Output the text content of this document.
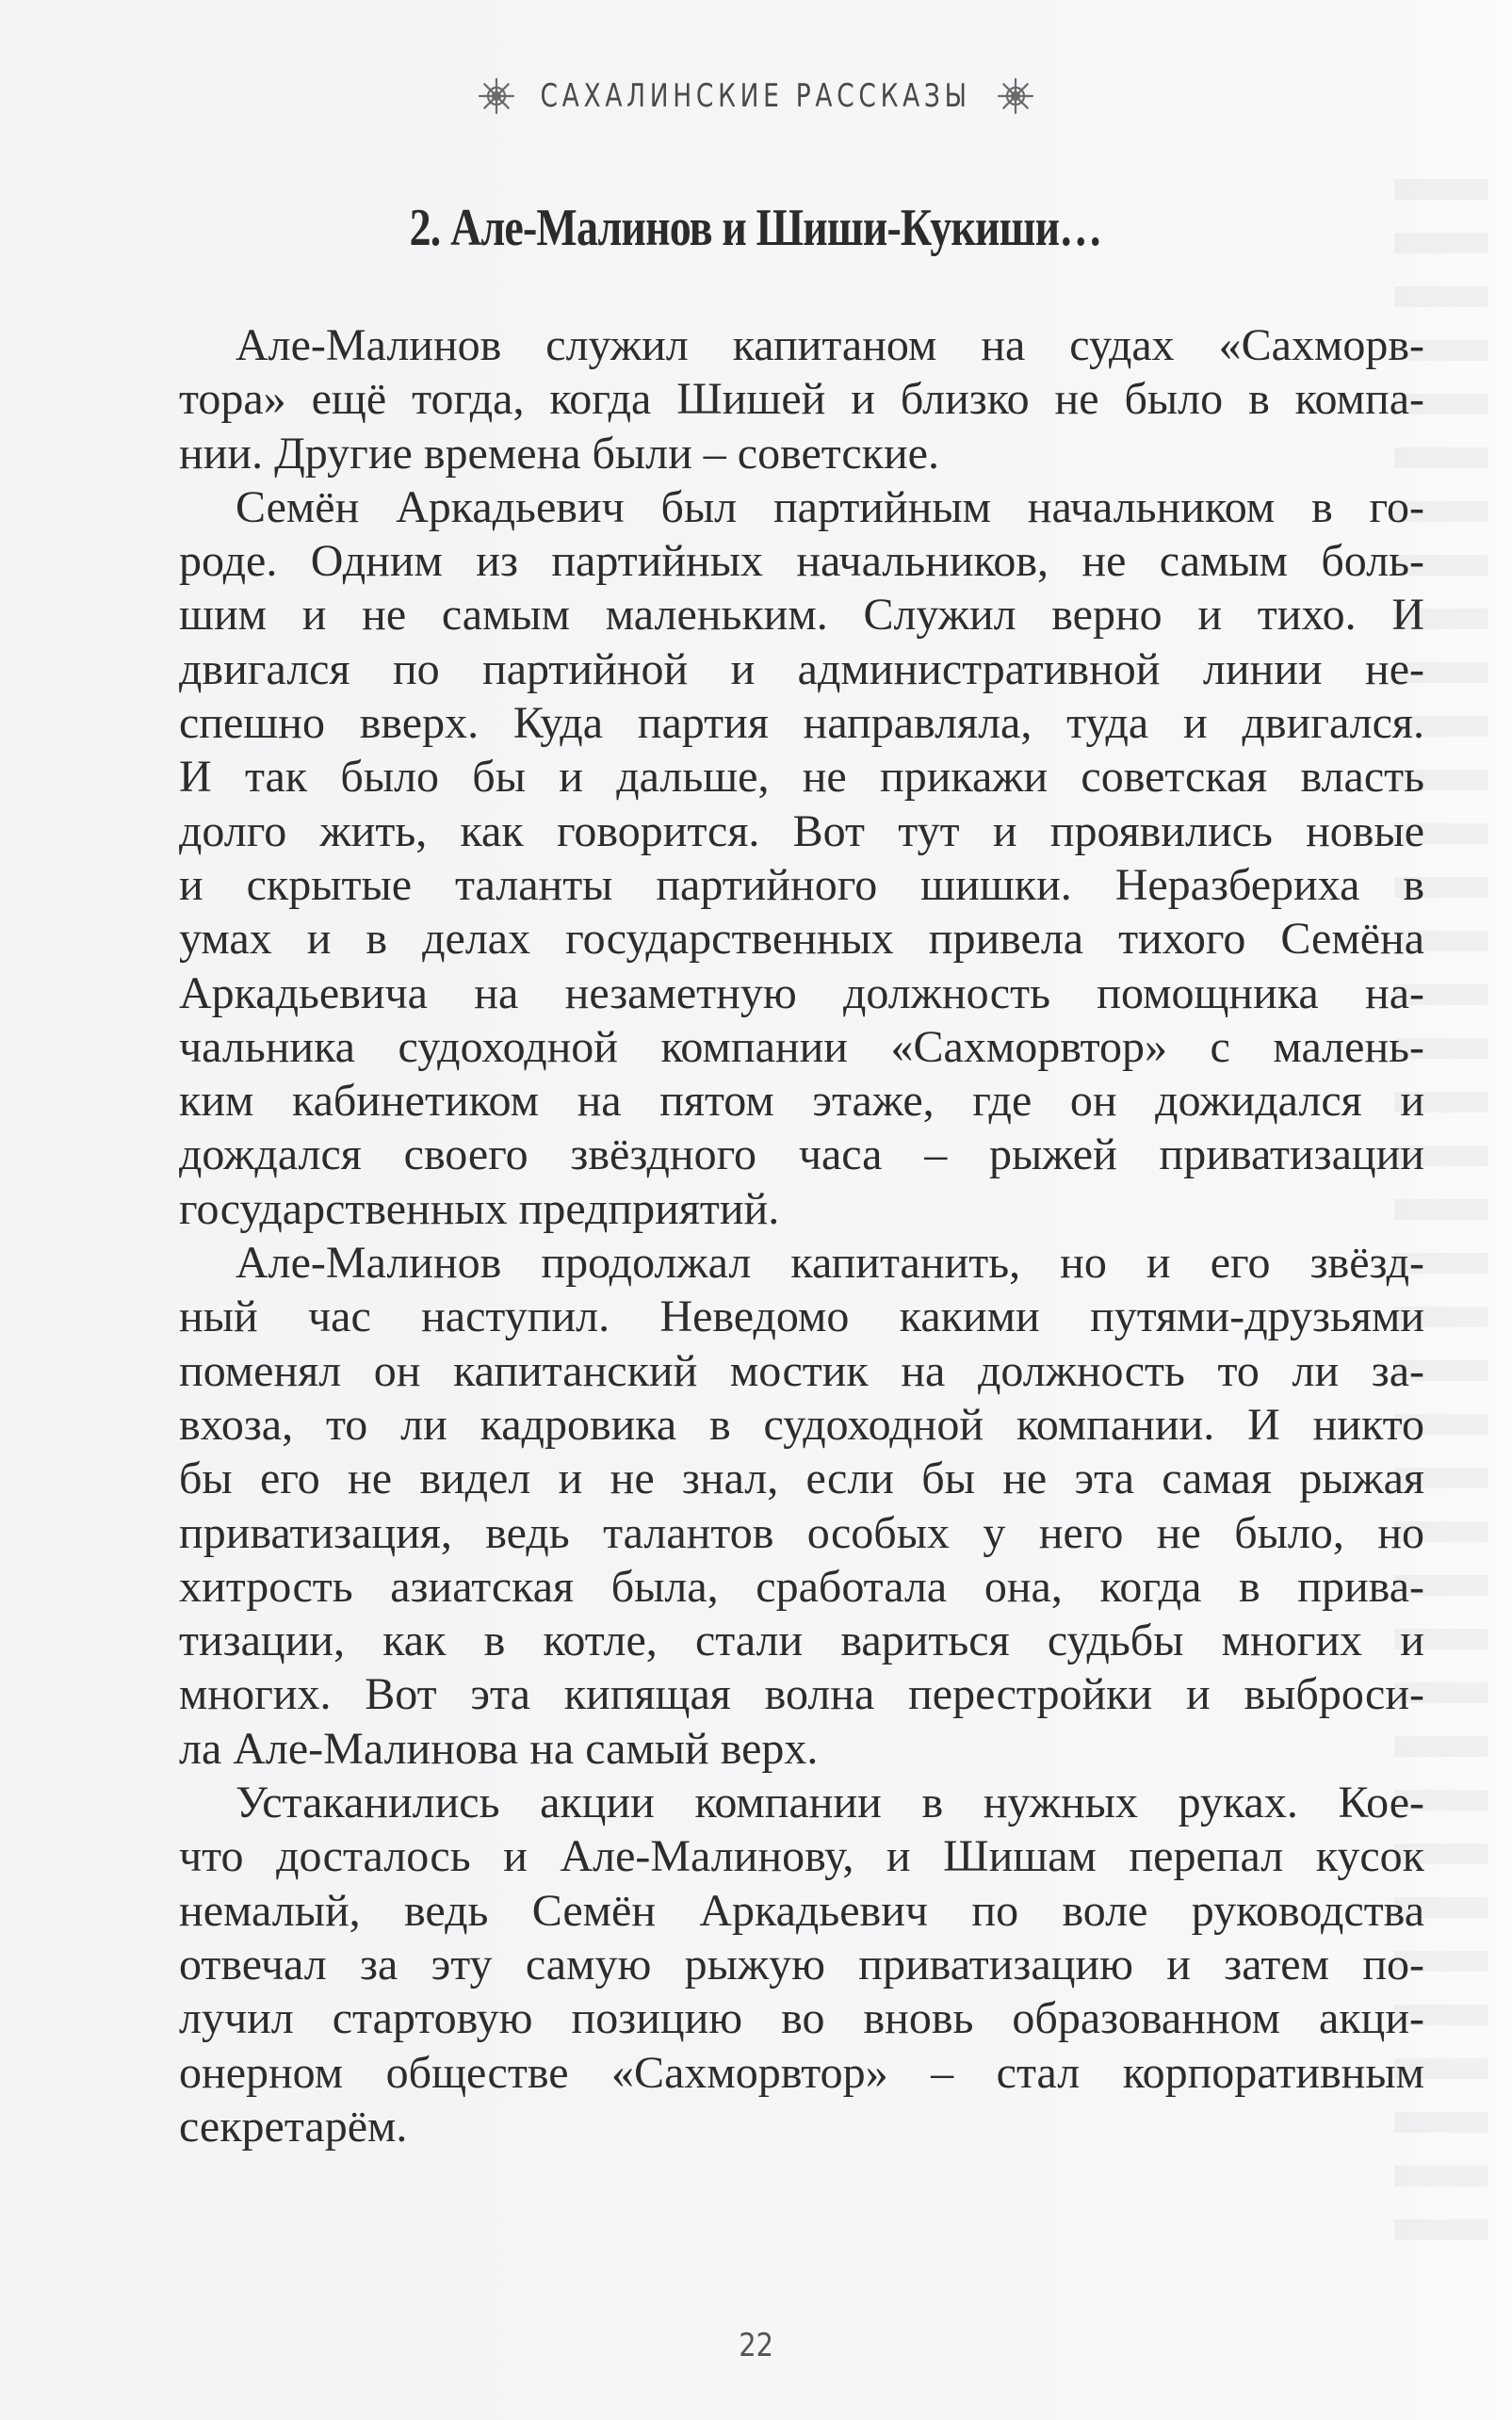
САХАЛИНСКИЕ РАССКАЗЫ
2. Але-Малинов и Шиши-Кукиши…
Але-Малинов служил капитаном на судах «Сахморв-
тора» ещё тогда, когда Шишей и близко не было в компа-
нии. Другие времена были – советские.
Семён Аркадьевич был партийным начальником в го-
роде. Одним из партийных начальников, не самым боль-
шим и не самым маленьким. Служил верно и тихо. И
двигался по партийной и административной линии не-
спешно вверх. Куда партия направляла, туда и двигался.
И так было бы и дальше, не прикажи советская власть
долго жить, как говорится. Вот тут и проявились новые
и скрытые таланты партийного шишки. Неразбериха в
умах и в делах государственных привела тихого Семёна
Аркадьевича на незаметную должность помощника на-
чальника судоходной компании «Сахморвтор» с малень-
ким кабинетиком на пятом этаже, где он дожидался и
дождался своего звёздного часа – рыжей приватизации
государственных предприятий.
Але-Малинов продолжал капитанить, но и его звёзд-
ный час наступил. Неведомо какими путями-друзьями
поменял он капитанский мостик на должность то ли за-
вхоза, то ли кадровика в судоходной компании. И никто
бы его не видел и не знал, если бы не эта самая рыжая
приватизация, ведь талантов особых у него не было, но
хитрость азиатская была, сработала она, когда в прива-
тизации, как в котле, стали вариться судьбы многих и
многих. Вот эта кипящая волна перестройки и выброси-
ла Але-Малинова на самый верх.
Устаканились акции компании в нужных руках. Кое-
что досталось и Але-Малинову, и Шишам перепал кусок
немалый, ведь Семён Аркадьевич по воле руководства
отвечал за эту самую рыжую приватизацию и затем по-
лучил стартовую позицию во вновь образованном акци-
онерном обществе «Сахморвтор» – стал корпоративным
секретарём.
22
